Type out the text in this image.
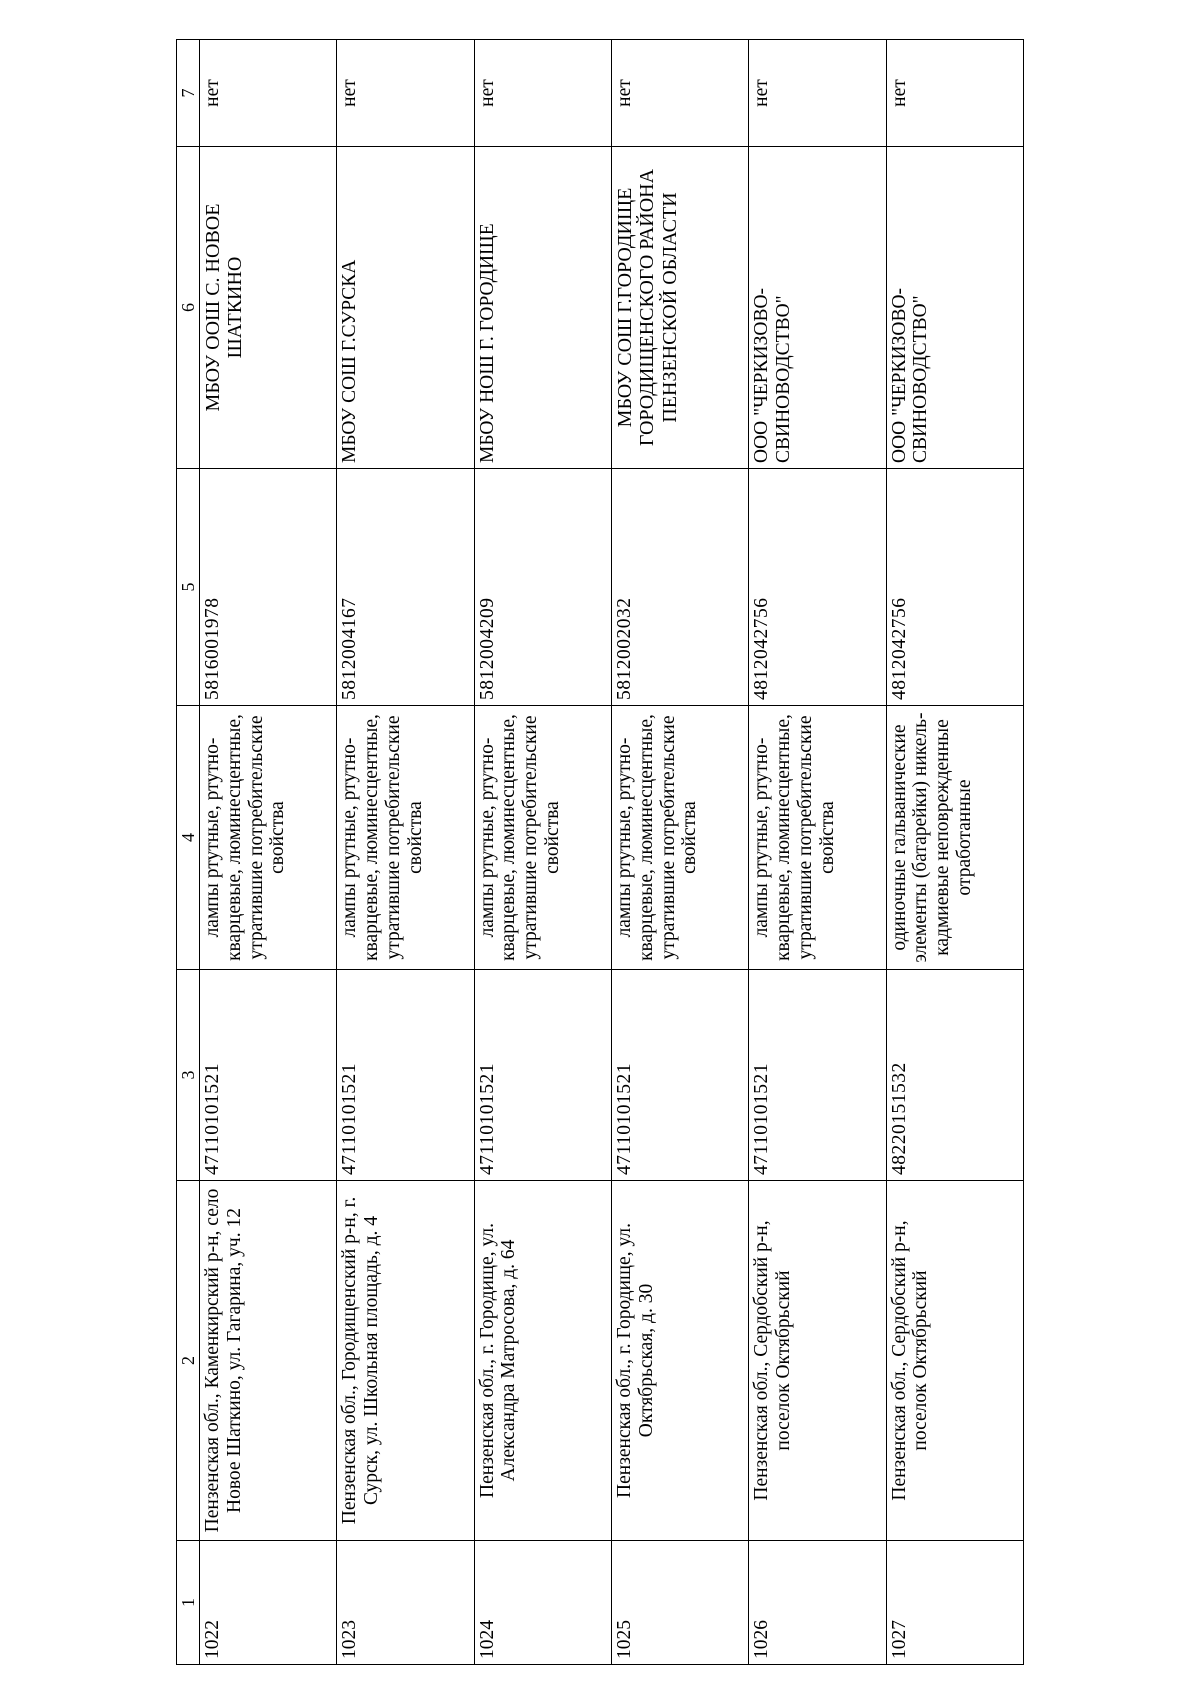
1	2	3	4	5	6	7
1022	Пензенская обл., Каменкирский р-н, село Новое Шаткино, ул. Гагарина, уч. 12	47110101521	лампы ртутные, ртутно-кварцевые, люминесцентные, утратившие потребительские свойства	5816001978	МБОУ ООШ С. НОВОЕ ШАТКИНО	нет
1023	Пензенская обл., Городищенский р-н, г. Сурск, ул. Школьная площадь, д. 4	47110101521	лампы ртутные, ртутно-кварцевые, люминесцентные, утратившие потребительские свойства	5812004167	МБОУ СОШ Г.СУРСКА	нет
1024	Пензенская обл., г. Городище, ул. Александра Матросова, д. 64	47110101521	лампы ртутные, ртутно-кварцевые, люминесцентные, утратившие потребительские свойства	5812004209	МБОУ НОШ Г. ГОРОДИЩЕ	нет
1025	Пензенская обл., г. Городище, ул. Октябрьская, д. 30	47110101521	лампы ртутные, ртутно-кварцевые, люминесцентные, утратившие потребительские свойства	5812002032	МБОУ СОШ Г.ГОРОДИЩЕ ГОРОДИЩЕНСКОГО РАЙОНА ПЕНЗЕНСКОЙ ОБЛАСТИ	нет
1026	Пензенская обл., Сердобский р-н, поселок Октябрьский	47110101521	лампы ртутные, ртутно-кварцевые, люминесцентные, утратившие потребительские свойства	4812042756	ООО "ЧЕРКИЗОВО-СВИНОВОДСТВО"	нет
1027	Пензенская обл., Сердобский р-н, поселок Октябрьский	48220151532	одиночные гальванические элементы (батарейки) никель-кадмиевые неповрежденные отработанные	4812042756	ООО "ЧЕРКИЗОВО-СВИНОВОДСТВО"	нет
